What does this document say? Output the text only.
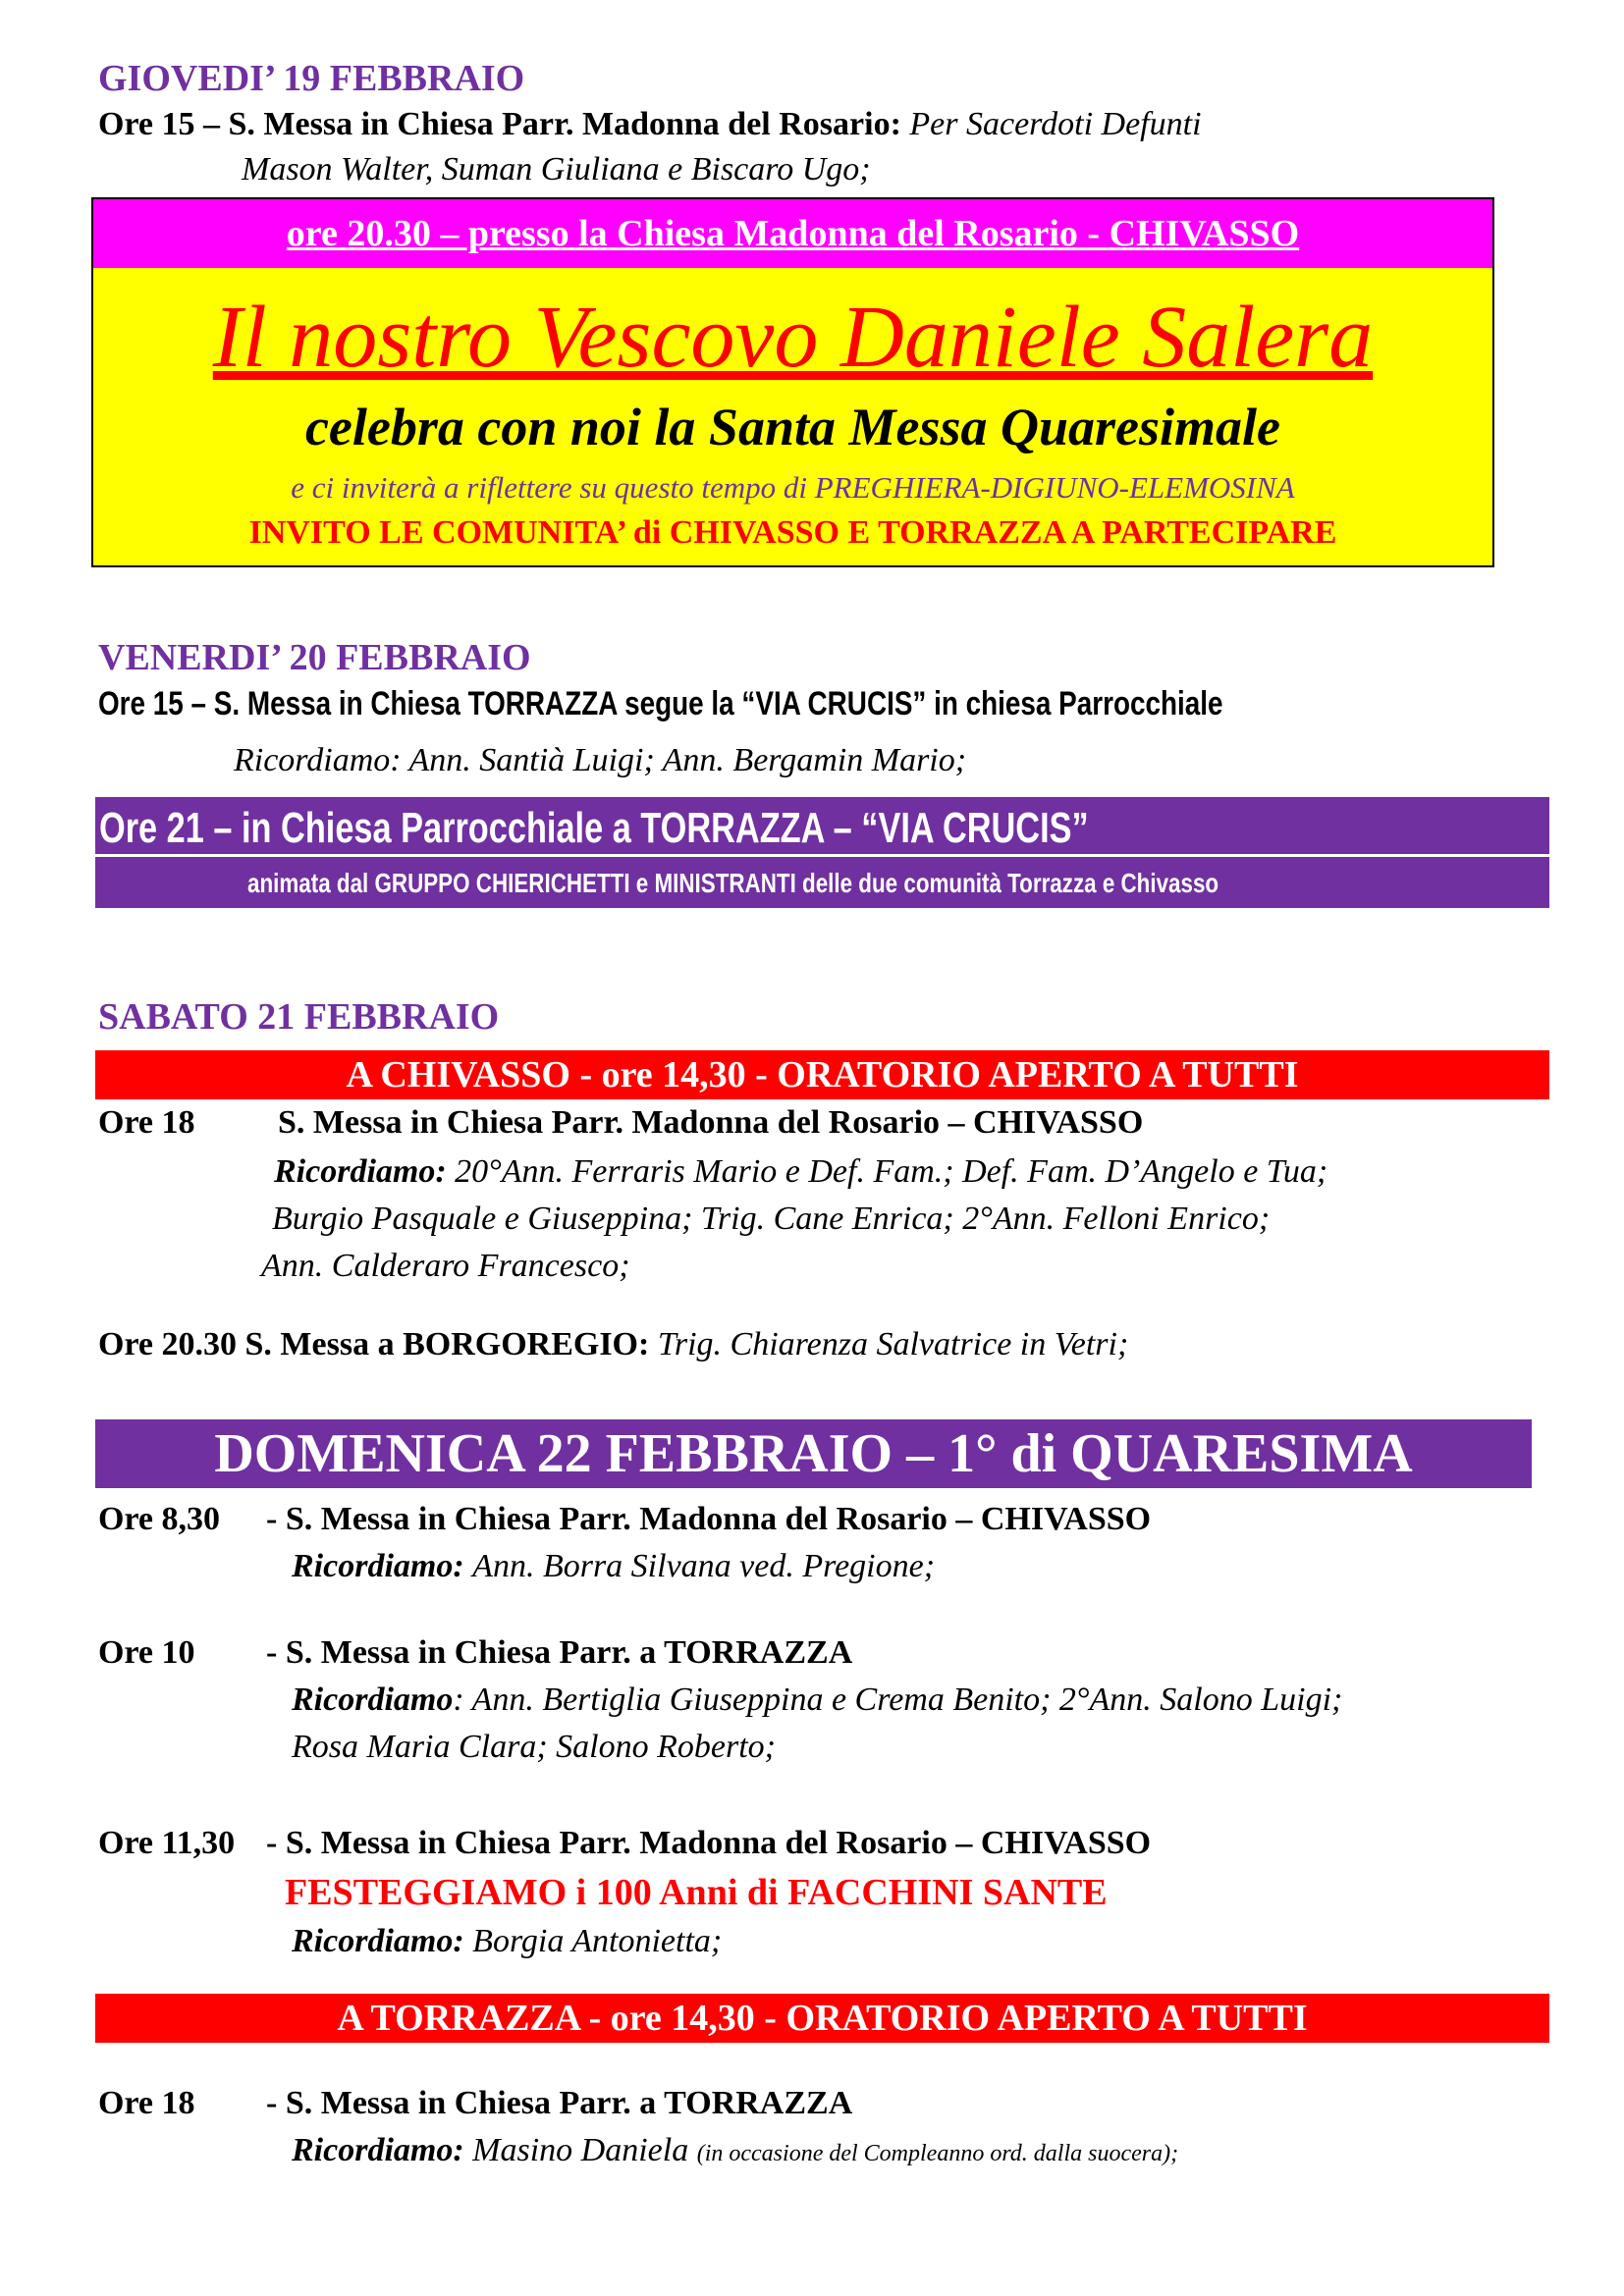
GIOVEDI’ 19 FEBBRAIO
Ore 15 – S. Messa in Chiesa Parr. Madonna del Rosario: Per Sacerdoti Defunti
Mason Walter, Suman Giuliana e Biscaro Ugo;
ore 20.30 – presso la Chiesa Madonna del Rosario - CHIVASSO
Il nostro Vescovo Daniele Salera
celebra con noi la Santa Messa Quaresimale
e ci inviterà a riflettere su questo tempo di PREGHIERA-DIGIUNO-ELEMOSINA
INVITO LE COMUNITA’ di CHIVASSO E TORRAZZA A PARTECIPARE
VENERDI’ 20 FEBBRAIO
Ore 15 – S. Messa in Chiesa TORRAZZA segue la “VIA CRUCIS” in chiesa Parrocchiale
Ricordiamo: Ann. Santià Luigi; Ann. Bergamin Mario;
Ore 21 – in Chiesa Parrocchiale a TORRAZZA – “VIA CRUCIS”
animata dal GRUPPO CHIERICHETTI e MINISTRANTI delle due comunità Torrazza e Chivasso
SABATO 21 FEBBRAIO
A CHIVASSO - ore 14,30 - ORATORIO APERTO A TUTTI
Ore 18 S. Messa in Chiesa Parr. Madonna del Rosario – CHIVASSO
Ricordiamo: 20°Ann. Ferraris Mario e Def. Fam.; Def. Fam. D’Angelo e Tua;
Burgio Pasquale e Giuseppina; Trig. Cane Enrica; 2°Ann. Felloni Enrico;
Ann. Calderaro Francesco;
Ore 20.30 S. Messa a BORGOREGIO: Trig. Chiarenza Salvatrice in Vetri;
DOMENICA 22 FEBBRAIO – 1° di QUARESIMA
Ore 8,30 - S. Messa in Chiesa Parr. Madonna del Rosario – CHIVASSO
Ricordiamo: Ann. Borra Silvana ved. Pregione;
Ore 10 - S. Messa in Chiesa Parr. a TORRAZZA
Ricordiamo: Ann. Bertiglia Giuseppina e Crema Benito; 2°Ann. Salono Luigi;
Rosa Maria Clara; Salono Roberto;
Ore 11,30 - S. Messa in Chiesa Parr. Madonna del Rosario – CHIVASSO
FESTEGGIAMO i 100 Anni di FACCHINI SANTE
Ricordiamo: Borgia Antonietta;
A TORRAZZA - ore 14,30 - ORATORIO APERTO A TUTTI
Ore 18 - S. Messa in Chiesa Parr. a TORRAZZA
Ricordiamo: Masino Daniela (in occasione del Compleanno ord. dalla suocera);
